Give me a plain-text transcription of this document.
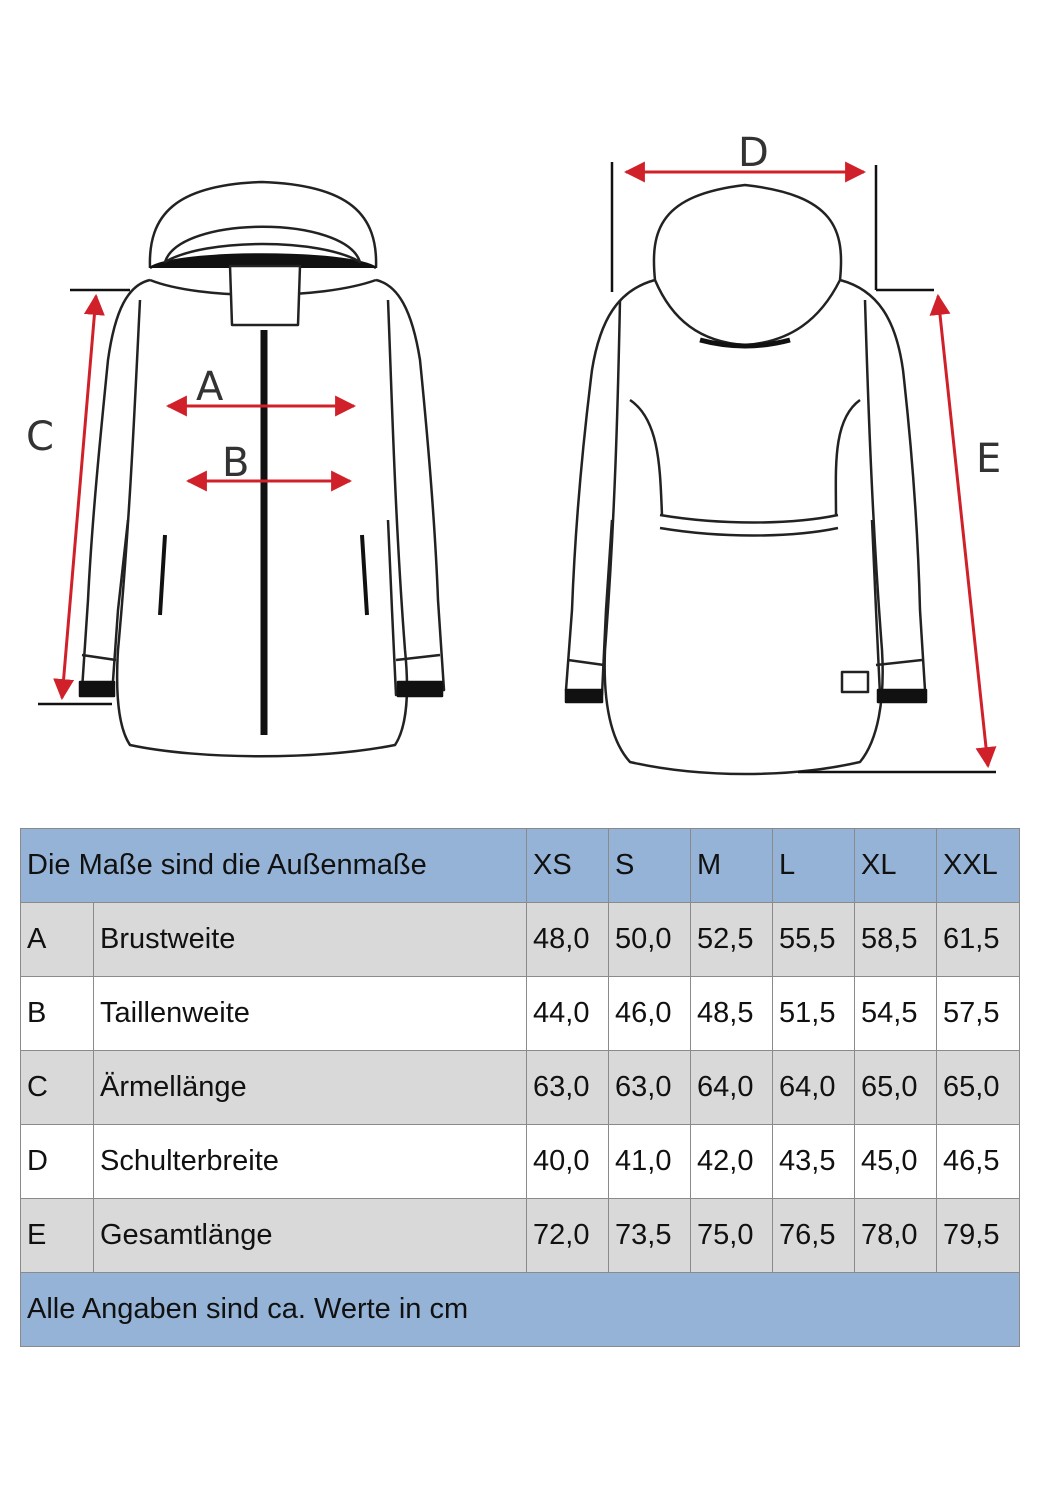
A
B
C
D
E
Die Maße sind die Außenmaße		XS	S	M	L	XL	XXL
A	Brustweite	48,0	50,0	52,5	55,5	58,5	61,5
B	Taillenweite	44,0	46,0	48,5	51,5	54,5	57,5
C	Ärmellänge	63,0	63,0	64,0	64,0	65,0	65,0
D	Schulterbreite	40,0	41,0	42,0	43,5	45,0	46,5
E	Gesamtlänge	72,0	73,5	75,0	76,5	78,0	79,5
Alle Angaben sind ca. Werte in cm							
